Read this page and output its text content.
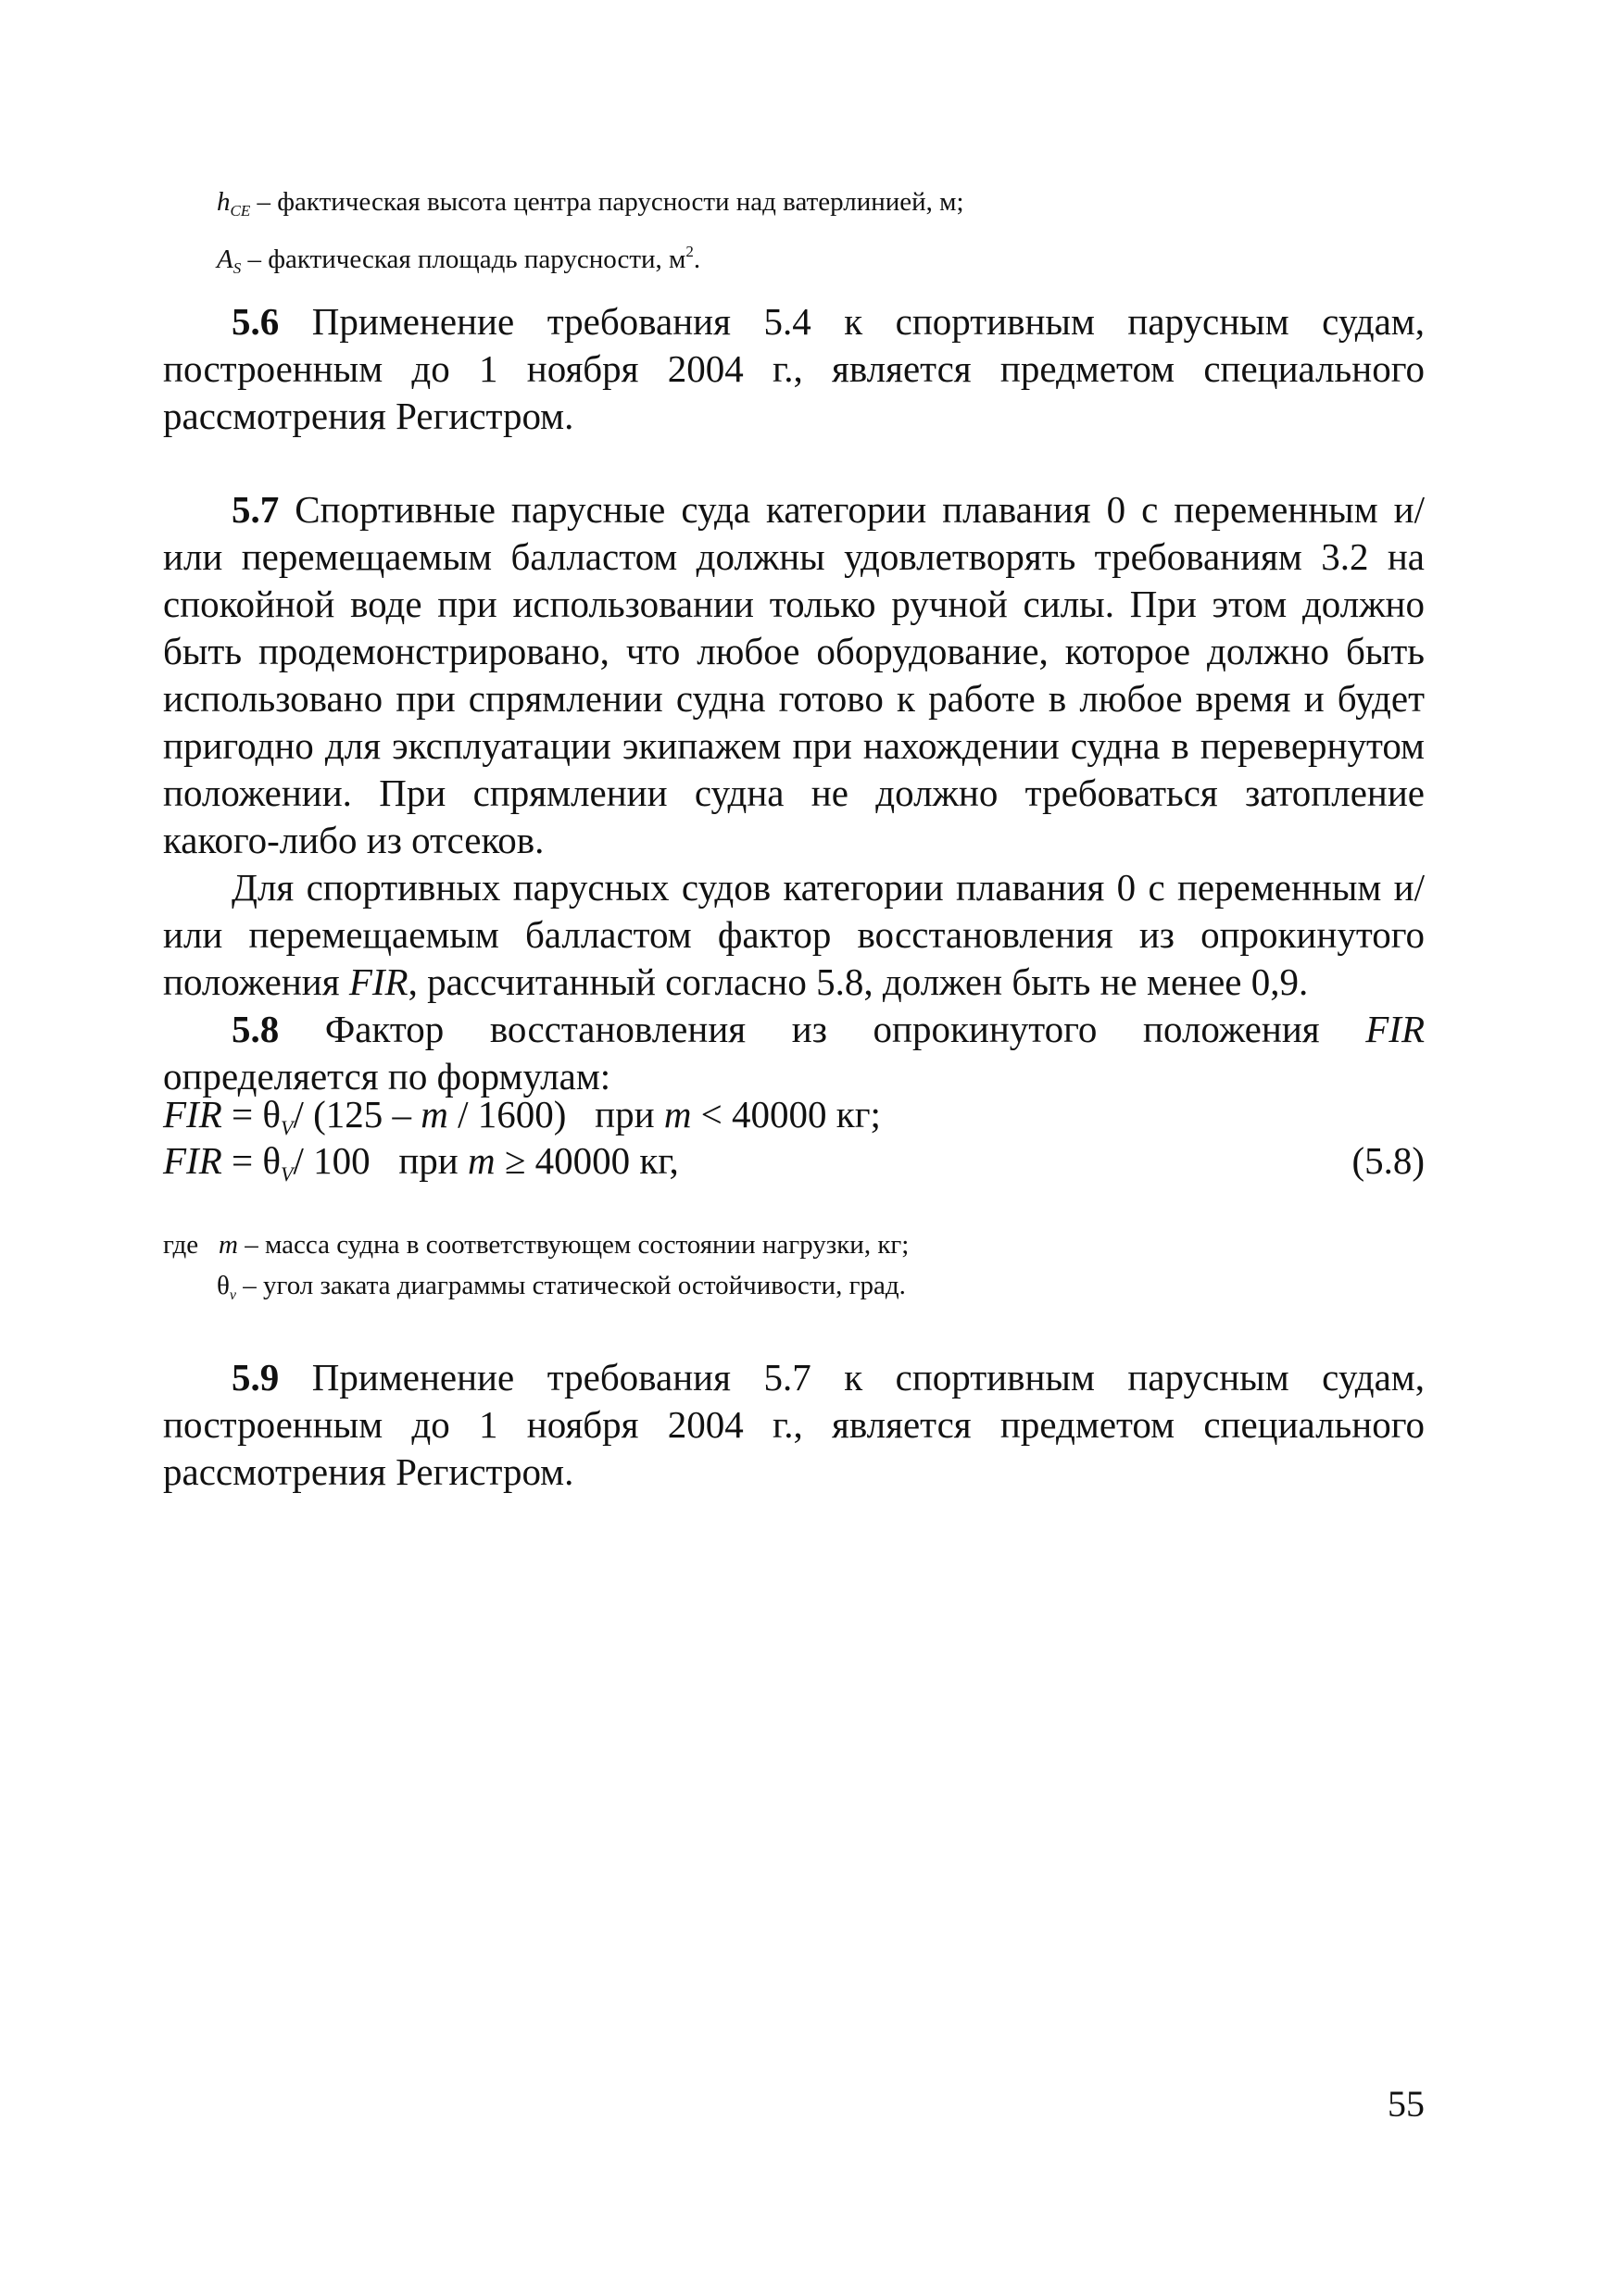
$h_{CE}$ – фактическая высота центра парусности над ватерлинией, м;
$A_S$ – фактическая площадь парусности, $м^2$.

5.6 Применение требования 5.4 к спортивным парусным судам, построенным до 1 ноября 2004 г., является предметом специального рассмотрения Регистром.

5.7 Спортивные парусные суда категории плавания 0 с переменным и/или перемещаемым балластом должны удовлетворять требованиям 3.2 на спокойной воде при использовании только ручной силы. При этом должно быть продемонстрировано, что любое оборудование, которое должно быть использовано при спрямлении судна готово к работе в любое время и будет пригодно для эксплуатации экипажем при нахождении судна в перевернутом положении. При спрямлении судна не должно требоваться затопление какого-либо из отсеков.

Для спортивных парусных судов категории плавания 0 с переменным и/или перемещаемым балластом фактор восстановления из опрокинутого положения FIR, рассчитанный согласно 5.8, должен быть не менее 0,9.

5.8 Фактор восстановления из опрокинутого положения FIR определяется по формулам:

FIR = θV/ (125 – m / 1600)   при m < 40000 кг;
FIR = θV/ 100   при m ≥ 40000 кг,	(5.8)
где m – масса судна в соответствующем состоянии нагрузки, кг;
$\theta_v$ – угол заката диаграммы статической остойчивости, град.

5.9 Применение требования 5.7 к спортивным парусным судам, построенным до 1 ноября 2004 г., является предметом специального рассмотрения Регистром.

55
